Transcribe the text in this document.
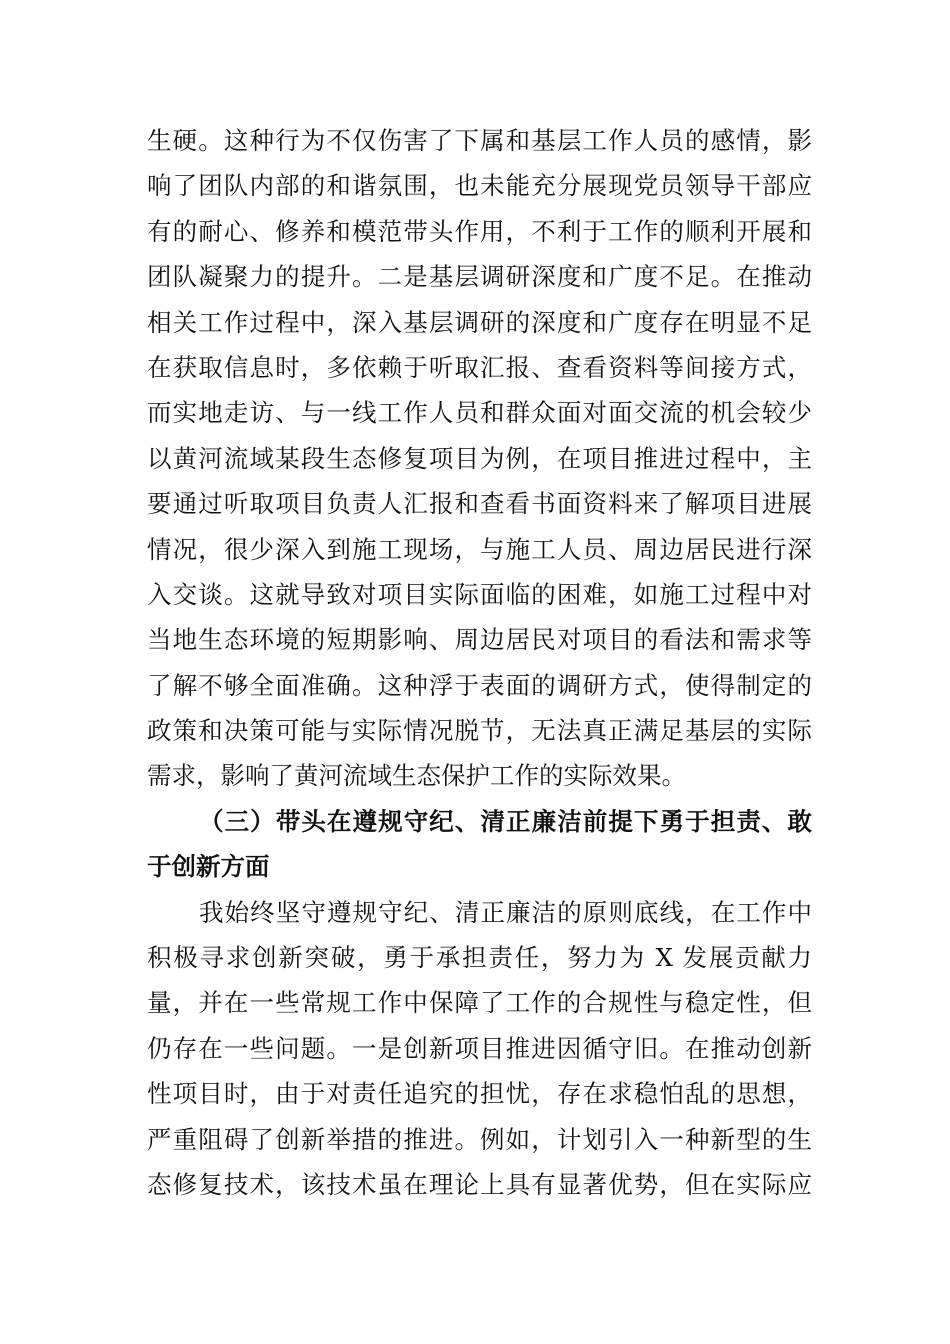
生硬。这种行为不仅伤害了下属和基层工作人员的感情，影
响了团队内部的和谐氛围，也未能充分展现党员领导干部应
有的耐心、修养和模范带头作用，不利于工作的顺利开展和
团队凝聚力的提升。二是基层调研深度和广度不足。在推动
相关工作过程中，深入基层调研的深度和广度存在明显不足
在获取信息时，多依赖于听取汇报、查看资料等间接方式，
而实地走访、与一线工作人员和群众面对面交流的机会较少
以黄河流域某段生态修复项目为例，在项目推进过程中，主
要通过听取项目负责人汇报和查看书面资料来了解项目进展
情况，很少深入到施工现场，与施工人员、周边居民进行深
入交谈。这就导致对项目实际面临的困难，如施工过程中对
当地生态环境的短期影响、周边居民对项目的看法和需求等
了解不够全面准确。这种浮于表面的调研方式，使得制定的
政策和决策可能与实际情况脱节，无法真正满足基层的实际
需求，影响了黄河流域生态保护工作的实际效果。
（三）带头在遵规守纪、清正廉洁前提下勇于担责、敢
于创新方面
我始终坚守遵规守纪、清正廉洁的原则底线，在工作中
积极寻求创新突破，勇于承担责任，努力为 X 发展贡献力
量，并在一些常规工作中保障了工作的合规性与稳定性，但
仍存在一些问题。一是创新项目推进因循守旧。在推动创新
性项目时，由于对责任追究的担忧，存在求稳怕乱的思想，
严重阻碍了创新举措的推进。例如，计划引入一种新型的生
态修复技术，该技术虽在理论上具有显著优势，但在实际应
